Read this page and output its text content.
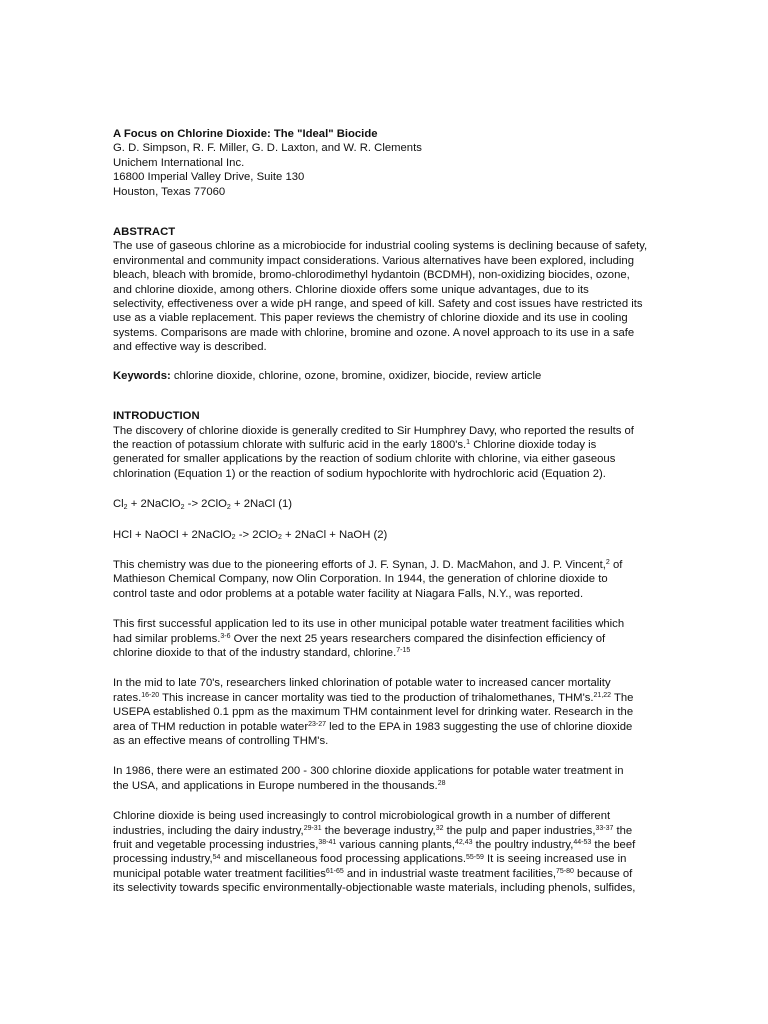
A Focus on Chlorine Dioxide: The "Ideal" Biocide
G. D. Simpson, R. F. Miller, G. D. Laxton, and W. R. Clements
Unichem International Inc.
16800 Imperial Valley Drive, Suite 130
Houston, Texas 77060
ABSTRACT
The use of gaseous chlorine as a microbiocide for industrial cooling systems is declining because of safety,
environmental and community impact considerations. Various alternatives have been explored, including
bleach, bleach with bromide, bromo-chlorodimethyl hydantoin (BCDMH), non-oxidizing biocides, ozone,
and chlorine dioxide, among others. Chlorine dioxide offers some unique advantages, due to its
selectivity, effectiveness over a wide pH range, and speed of kill. Safety and cost issues have restricted its
use as a viable replacement. This paper reviews the chemistry of chlorine dioxide and its use in cooling
systems. Comparisons are made with chlorine, bromine and ozone. A novel approach to its use in a safe
and effective way is described.
Keywords: chlorine dioxide, chlorine, ozone, bromine, oxidizer, biocide, review article
INTRODUCTION
The discovery of chlorine dioxide is generally credited to Sir Humphrey Davy, who reported the results of
the reaction of potassium chlorate with sulfuric acid in the early 1800's.$^1$ Chlorine dioxide today is
generated for smaller applications by the reaction of sodium chlorite with chlorine, via either gaseous
chlorination (Equation 1) or the reaction of sodium hypochlorite with hydrochloric acid (Equation 2).
$Cl_2$ + 2NaClO$_2$ -> 2ClO$_2$ + 2NaCl (1)
HCl + NaOCl + 2NaClO$_2$ -> 2ClO$_2$ + 2NaCl + NaOH (2)
This chemistry was due to the pioneering efforts of J. F. Synan, J. D. MacMahon, and J. P. Vincent,$^2$ of
Mathieson Chemical Company, now Olin Corporation. In 1944, the generation of chlorine dioxide to
control taste and odor problems at a potable water facility at Niagara Falls, N.Y., was reported.
This first successful application led to its use in other municipal potable water treatment facilities which
had similar problems.$^{3-6}$ Over the next 25 years researchers compared the disinfection efficiency of
chlorine dioxide to that of the industry standard, chlorine.$^{7-15}$
In the mid to late 70's, researchers linked chlorination of potable water to increased cancer mortality
rates.$^{16-20}$ This increase in cancer mortality was tied to the production of trihalomethanes, THM's.$^{21,22}$ The
USEPA established 0.1 ppm as the maximum THM containment level for drinking water. Research in the
area of THM reduction in potable water$^{23-27}$ led to the EPA in 1983 suggesting the use of chlorine dioxide
as an effective means of controlling THM's.
In 1986, there were an estimated 200 - 300 chlorine dioxide applications for potable water treatment in
the USA, and applications in Europe numbered in the thousands.$^{28}$
Chlorine dioxide is being used increasingly to control microbiological growth in a number of different
industries, including the dairy industry,$^{29-31}$ the beverage industry,$^{32}$ the pulp and paper industries,$^{33-37}$ the
fruit and vegetable processing industries,$^{38-41}$ various canning plants,$^{42,43}$ the poultry industry,$^{44-53}$ the beef
processing industry,$^{54}$ and miscellaneous food processing applications.$^{55-59}$ It is seeing increased use in
municipal potable water treatment facilities$^{61-65}$ and in industrial waste treatment facilities,$^{75-80}$ because of
its selectivity towards specific environmentally-objectionable waste materials, including phenols, sulfides,
